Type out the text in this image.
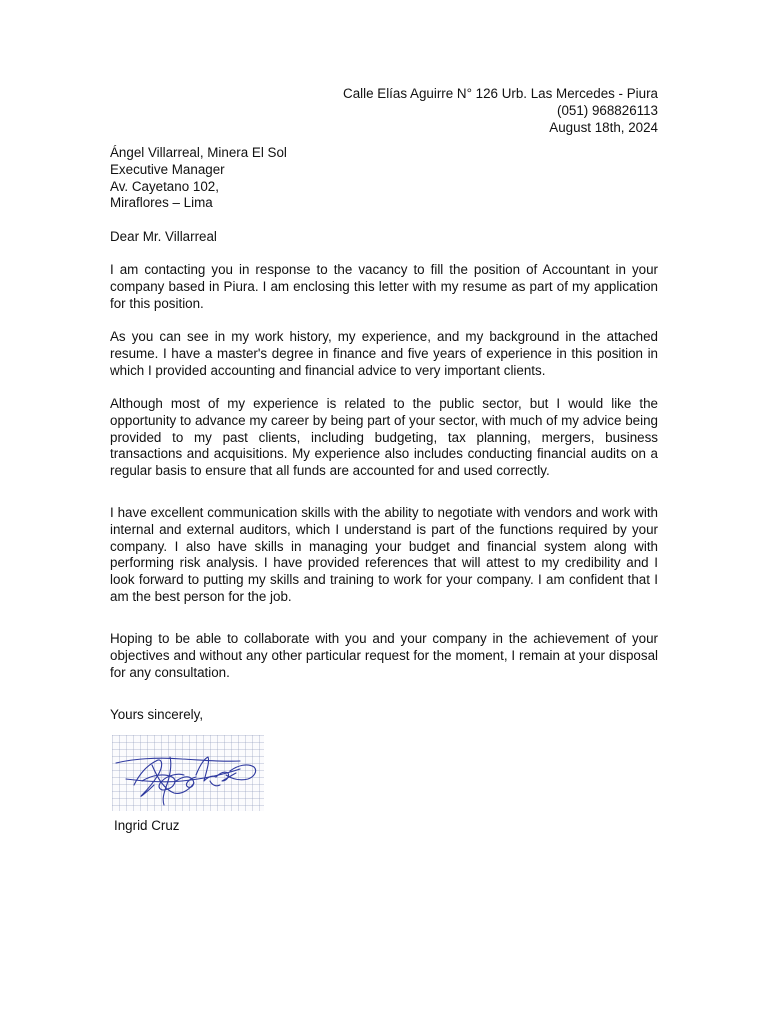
Calle Elías Aguirre N° 126 Urb. Las Mercedes - Piura
(051) 968826113
August 18th, 2024
Ángel Villarreal, Minera El Sol
Executive Manager
Av. Cayetano 102,
Miraflores – Lima
Dear Mr. Villarreal
I am contacting you in response to the vacancy to fill the position of Accountant in your company based in Piura. I am enclosing this letter with my resume as part of my application for this position.
As you can see in my work history, my experience, and my background in the attached resume. I have a master's degree in finance and five years of experience in this position in which I provided accounting and financial advice to very important clients.
Although most of my experience is related to the public sector, but I would like the opportunity to advance my career by being part of your sector, with much of my advice being provided to my past clients, including budgeting, tax planning, mergers, business transactions and acquisitions. My experience also includes conducting financial audits on a regular basis to ensure that all funds are accounted for and used correctly.
I have excellent communication skills with the ability to negotiate with vendors and work with internal and external auditors, which I understand is part of the functions required by your company. I also have skills in managing your budget and financial system along with performing risk analysis. I have provided references that will attest to my credibility and I look forward to putting my skills and training to work for your company. I am confident that I am the best person for the job.
Hoping to be able to collaborate with you and your company in the achievement of your objectives and without any other particular request for the moment, I remain at your disposal for any consultation.
Yours sincerely,
Ingrid Cruz
